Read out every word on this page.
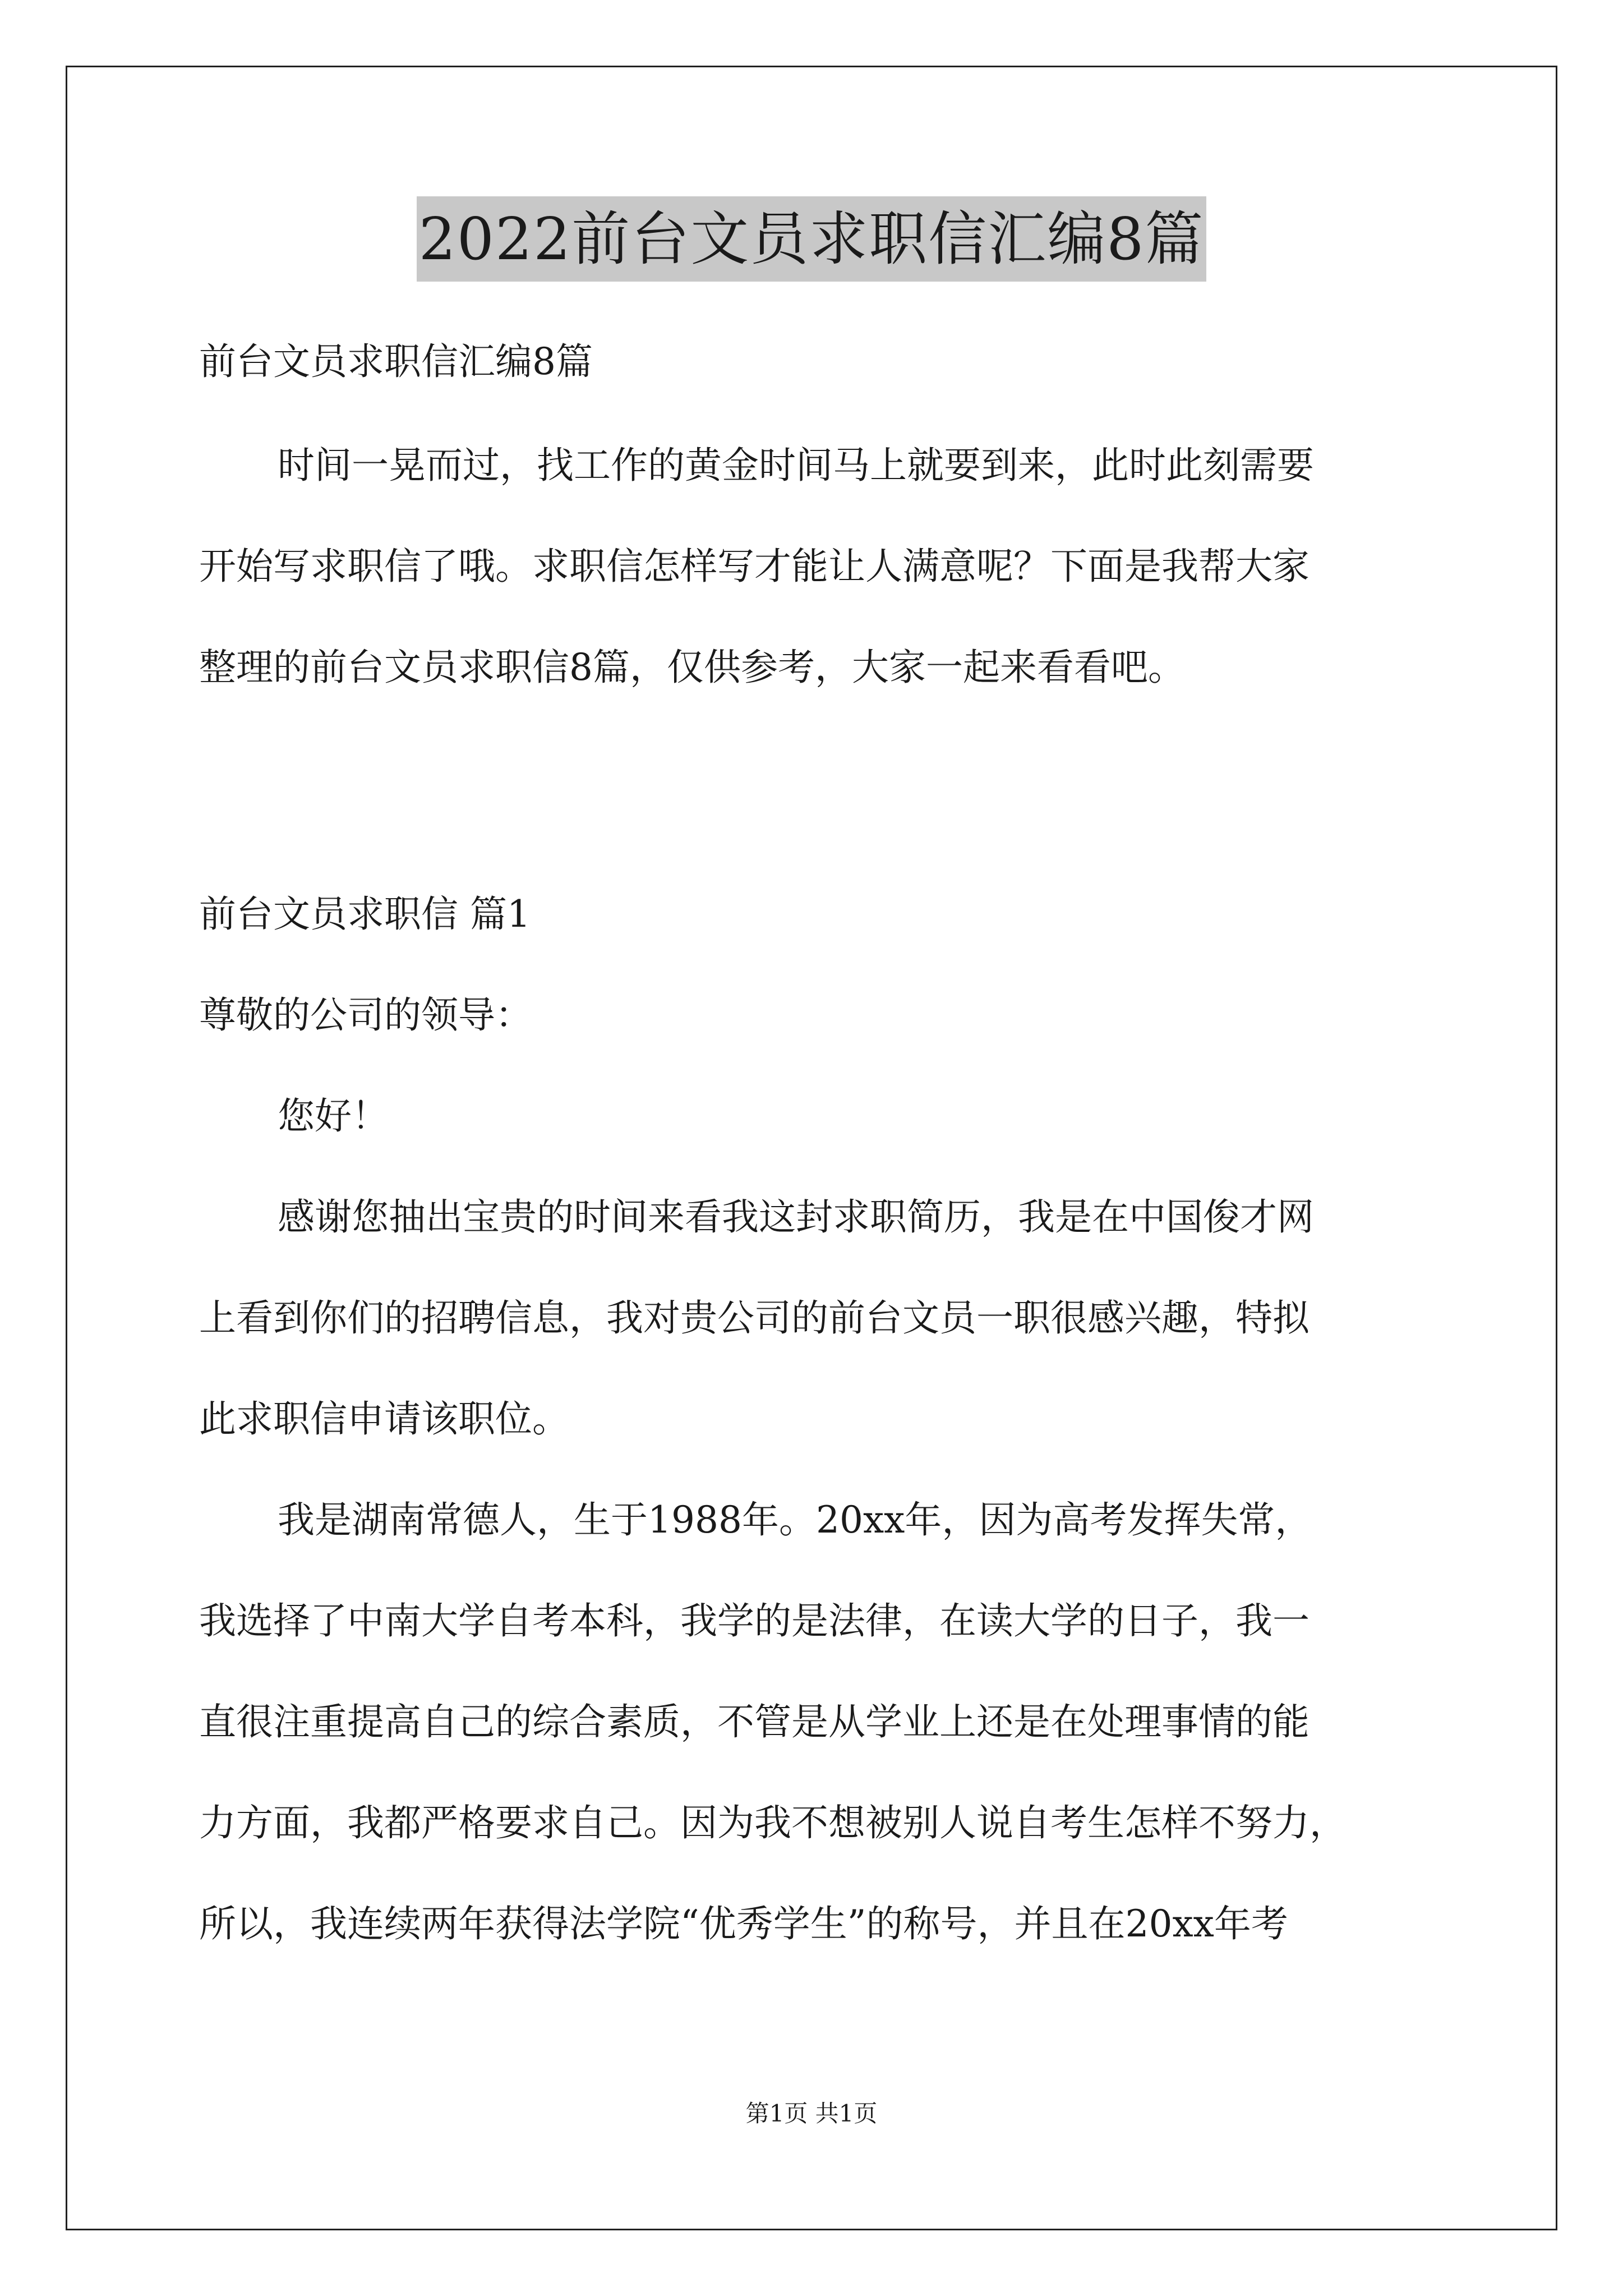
2022前台文员求职信汇编8篇

前台文员求职信汇编8篇

时间一晃而过，找工作的黄金时间马上就要到来，此时此刻需要

开始写求职信了哦。求职信怎样写才能让人满意呢？下面是我帮大家

整理的前台文员求职信8篇，仅供参考，大家一起来看看吧。

前台文员求职信 篇1

尊敬的公司的领导：

您好！

感谢您抽出宝贵的时间来看我这封求职简历，我是在中国俊才网

上看到你们的招聘信息，我对贵公司的前台文员一职很感兴趣，特拟

此求职信申请该职位。

我是湖南常德人，生于1988年。20xx年，因为高考发挥失常，

我选择了中南大学自考本科，我学的是法律，在读大学的日子，我一

直很注重提高自己的综合素质，不管是从学业上还是在处理事情的能

力方面，我都严格要求自己。因为我不想被别人说自考生怎样不努力，

所以，我连续两年获得法学院“优秀学生”的称号，并且在20xx年考

第1页 共1页
